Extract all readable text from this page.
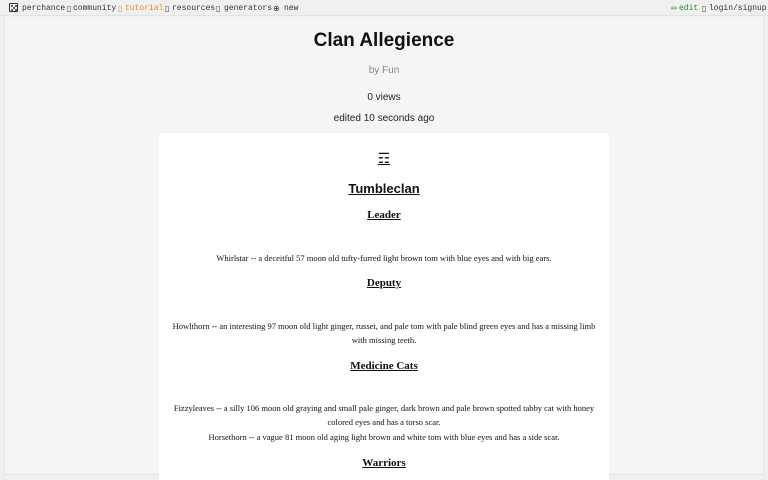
perchance ▯ community ▯ tutorial ▯ resources ▯ generators ⊕ new	✏ edit ▯ login/signup
Clan Allegience
by Fun
0 views
edited 10 seconds ago
☶
Tumbleclan
Leader
Whirlstar -- a deceitful 57 moon old tufty-furred light brown tom with blue eyes and with big ears.
Deputy
Howlthorn -- an interesting 97 moon old light ginger, russet, and pale tom with pale blind green eyes and has a missing limb with missing teeth.
Medicine Cats
Fizzyleaves -- a silly 106 moon old graying and small pale ginger, dark brown and pale brown spotted tabby cat with honey colored eyes and has a torso scar.
Horsethorn -- a vague 81 moon old aging light brown and white tom with blue eyes and has a side scar.
Warriors
